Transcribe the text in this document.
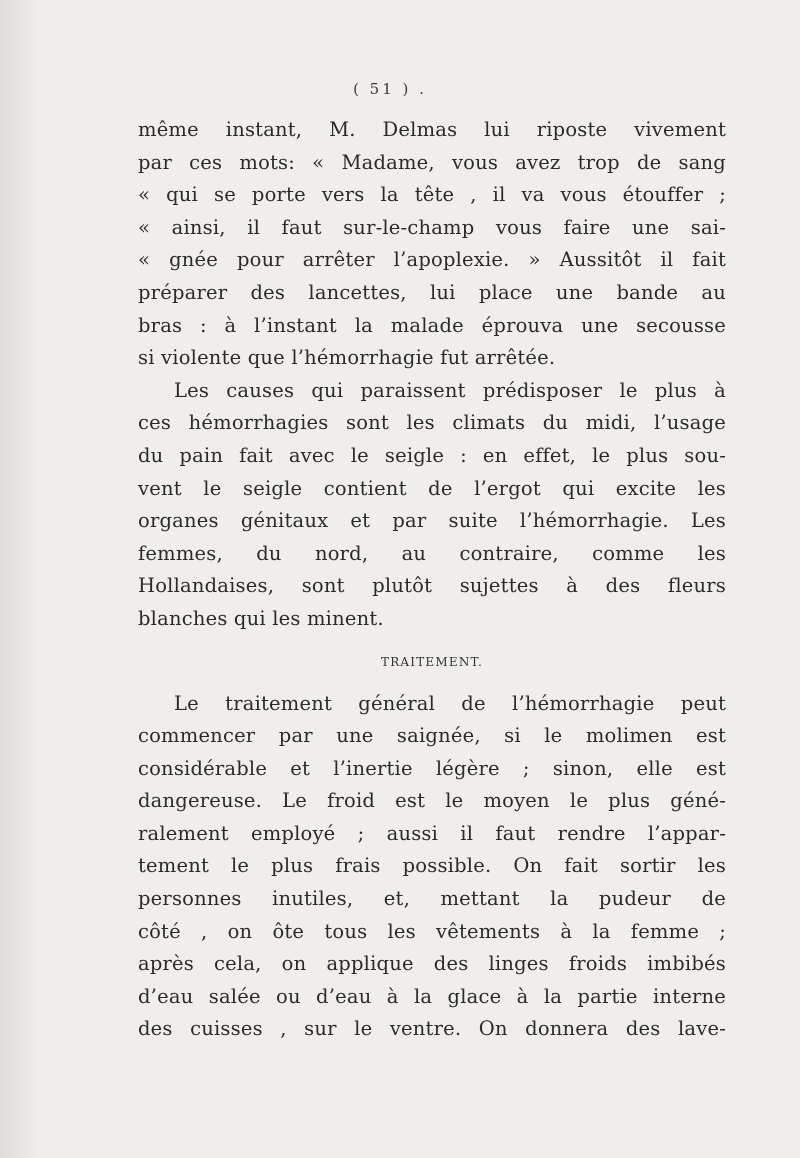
( 51 ) .
même instant, M. Delmas lui riposte vivement
par ces mots: « Madame, vous avez trop de sang
« qui se porte vers la tête , il va vous étouffer ;
« ainsi, il faut sur-le-champ vous faire une sai-
« gnée pour arrêter l’apoplexie. » Aussitôt il fait
préparer des lancettes, lui place une bande au
bras : à l’instant la malade éprouva une secousse
si violente que l’hémorrhagie fut arrêtée.
Les causes qui paraissent prédisposer le plus à
ces hémorrhagies sont les climats du midi, l’usage
du pain fait avec le seigle : en effet, le plus sou-
vent le seigle contient de l’ergot qui excite les
organes génitaux et par suite l’hémorrhagie. Les
femmes, du nord, au contraire, comme les
Hollandaises, sont plutôt sujettes à des fleurs
blanches qui les minent.
TRAITEMENT.
Le traitement général de l’hémorrhagie peut
commencer par une saignée, si le molimen est
considérable et l’inertie légère ; sinon, elle est
dangereuse. Le froid est le moyen le plus géné-
ralement employé ; aussi il faut rendre l’appar-
tement le plus frais possible. On fait sortir les
personnes inutiles, et, mettant la pudeur de
côté , on ôte tous les vêtements à la femme ;
après cela, on applique des linges froids imbibés
d’eau salée ou d’eau à la glace à la partie interne
des cuisses , sur le ventre. On donnera des lave-
